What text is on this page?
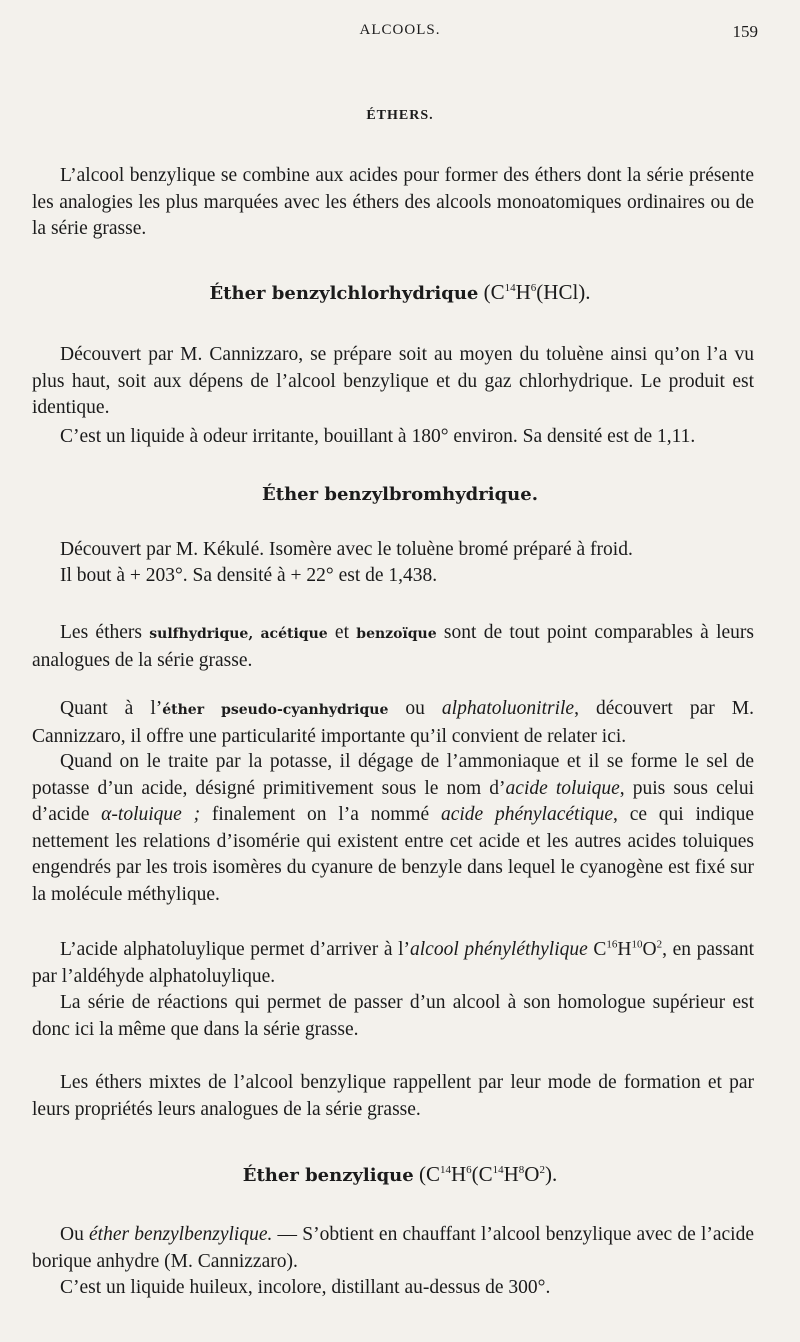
ALCOOLS.	159
ÉTHERS.

L’alcool benzylique se combine aux acides pour former des éthers dont la série présente les analogies les plus marquées avec les éthers des alcools monoatomiques ordinaires ou de la série grasse.

Éther benzylchlorhydrique ($C^{14}H^6(HCl)$.

Découvert par M. Cannizzaro, se prépare soit au moyen du toluène ainsi qu’on l’a vu plus haut, soit aux dépens de l’alcool benzylique et du gaz chlorhydrique. Le produit est identique.

C’est un liquide à odeur irritante, bouillant à 180° environ. Sa densité est de 1,11.

Éther benzylbromhydrique.

Découvert par M. Kékulé. Isomère avec le toluène bromé préparé à froid.

Il bout à + 203°. Sa densité à + 22° est de 1,438.

Les éthers sulfhydrique, acétique et benzoïque sont de tout point comparables à leurs analogues de la série grasse.

Quant à l’éther pseudo-cyanhydrique ou alphatoluonitrile, découvert par M. Cannizzaro, il offre une particularité importante qu’il convient de relater ici.

Quand on le traite par la potasse, il dégage de l’ammoniaque et il se forme le sel de potasse d’un acide, désigné primitivement sous le nom d’acide toluique, puis sous celui d’acide α-toluique ; finalement on l’a nommé acide phénylacétique, ce qui indique nettement les relations d’isomérie qui existent entre cet acide et les autres acides toluiques engendrés par les trois isomères du cyanure de benzyle dans lequel le cyanogène est fixé sur la molécule méthylique.

L’acide alphatoluylique permet d’arriver à l’alcool phényléthylique $C^{16}H^{10}O^2$, en passant par l’aldéhyde alphatoluylique.

La série de réactions qui permet de passer d’un alcool à son homologue supérieur est donc ici la même que dans la série grasse.

Les éthers mixtes de l’alcool benzylique rappellent par leur mode de formation et par leurs propriétés leurs analogues de la série grasse.

Éther benzylique ($C^{14}H^6(C^{14}H^8O^2)$.

Ou éther benzylbenzylique. — S’obtient en chauffant l’alcool benzylique avec de l’acide borique anhydre (M. Cannizzaro).

C’est un liquide huileux, incolore, distillant au-dessus de 300°.
